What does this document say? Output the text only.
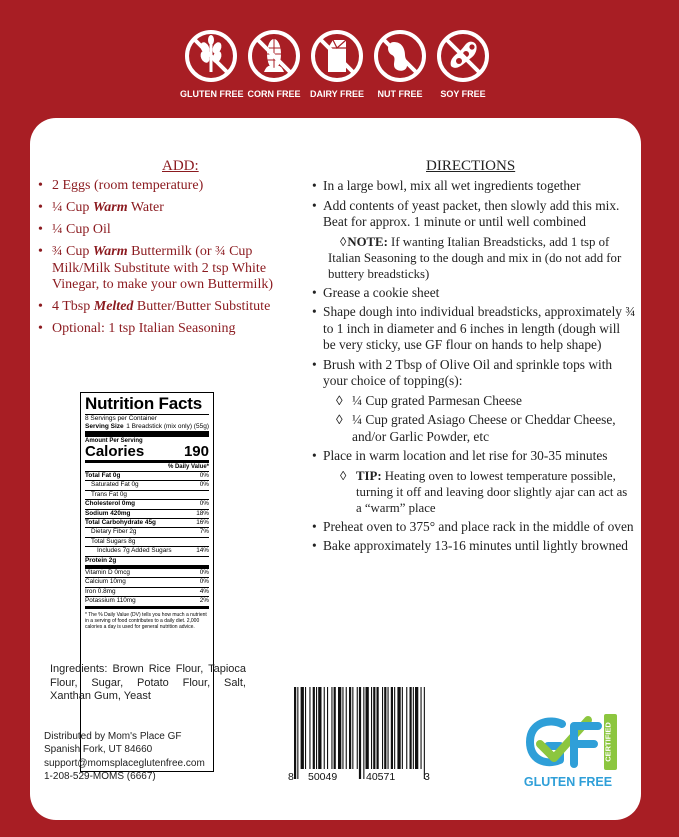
GLUTEN FREE CORN FREE	DAIRY FREE	NUT FREE	SOY FREE
ADD:
• 2 Eggs (room temperature)
• ¼ Cup Warm Water
• ¼ Cup Oil
• ¾ Cup Warm Buttermilk (or ¾ Cup Milk/Milk Substitute with 2 tsp White Vinegar, to make your own Buttermilk)
• 4 Tbsp Melted Butter/Butter Substitute
• Optional: 1 tsp Italian Seasoning
DIRECTIONS
• In a large bowl, mix all wet ingredients together
• Add contents of yeast packet, then slowly add this mix. Beat for approx. 1 minute or until well combined
◊NOTE: If wanting Italian Breadsticks, add 1 tsp of Italian Seasoning to the dough and mix in (do not add for buttery breadsticks)
• Grease a cookie sheet
• Shape dough into individual breadsticks, approximately ¾ to 1 inch in diameter and 6 inches in length (dough will be very sticky, use GF flour on hands to help shape)
• Brush with 2 Tbsp of Olive Oil and sprinkle tops with your choice of topping(s):
◊ ¼ Cup grated Parmesan Cheese
◊ ¼ Cup grated Asiago Cheese or Cheddar Cheese, and/or Garlic Powder, etc
• Place in warm location and let rise for 30-35 minutes
◊ TIP: Heating oven to lowest temperature possible, turning it off and leaving door slightly ajar can act as a “warm” place
• Preheat oven to 375° and place rack in the middle of oven
• Bake approximately 13-16 minutes until lightly browned
Nutrition Facts
8 Servings per Container
Serving Size 1 Breadstick (mix only) (55g)
Amount Per Serving
Calories	190
% Daily Value*
Total Fat 0g	0%
Saturated Fat 0g	0%
Trans Fat 0g
Cholesterol 0mg	0%
Sodium 420mg	18%
Total Carbohydrate 45g	16%
Dietary Fiber 2g	7%
Total Sugars 8g
Includes 7g Added Sugars	14%
Protein 2g
Vitamin D 0mcg	0%
Calcium 10mg	0%
Iron 0.8mg	4%
Potassium 110mg	2%
* The % Daily Value (DV) tells you how much a nutrient in a serving of food contributes to a daily diet. 2,000 calories a day is used for general nutrition advice.
Ingredients: Brown Rice Flour, Tapioca Flour, Sugar, Potato Flour, Salt, Xanthan Gum, Yeast
Distributed by Mom's Place GF
Spanish Fork, UT 84660
support@momsplaceglutenfree.com
1-208-529-MOMS (6667)	8 50049	40571	3
CERTIFIED
GLUTEN FREE
